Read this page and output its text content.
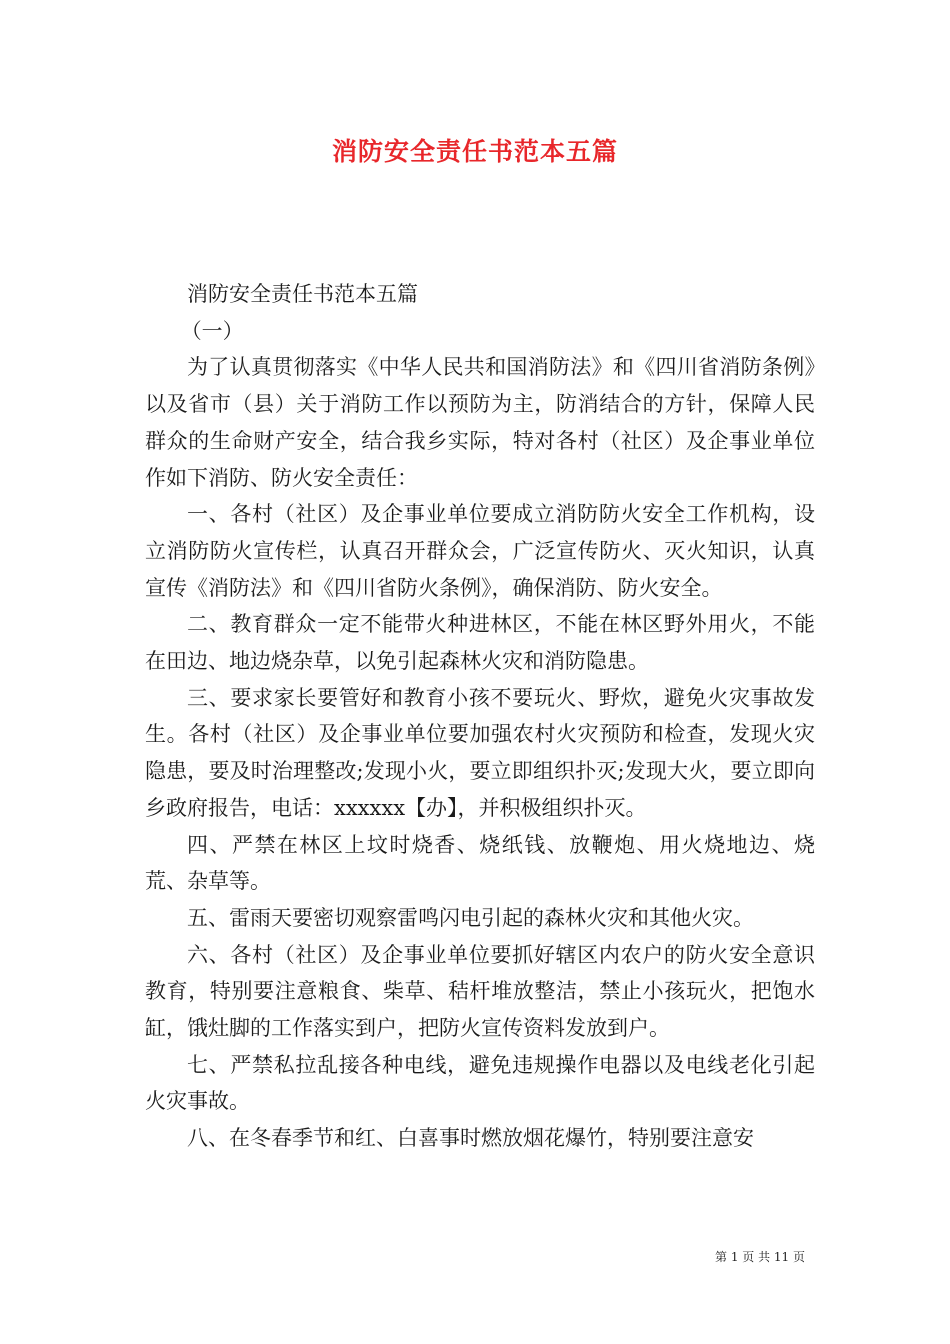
消防安全责任书范本五篇

消防安全责任书范本五篇

（一）

为了认真贯彻落实《中华人民共和国消防法》和《四川省消防条例》以及省市（县）关于消防工作以预防为主，防消结合的方针，保障人民群众的生命财产安全，结合我乡实际，特对各村（社区）及企事业单位作如下消防、防火安全责任：

一、各村（社区）及企事业单位要成立消防防火安全工作机构，设立消防防火宣传栏，认真召开群众会，广泛宣传防火、灭火知识，认真宣传《消防法》和《四川省防火条例》，确保消防、防火安全。

二、教育群众一定不能带火种进林区，不能在林区野外用火，不能在田边、地边烧杂草，以免引起森林火灾和消防隐患。

三、要求家长要管好和教育小孩不要玩火、野炊，避免火灾事故发生。各村（社区）及企事业单位要加强农村火灾预防和检查，发现火灾隐患，要及时治理整改;发现小火，要立即组织扑灭;发现大火，要立即向乡政府报告，电话：xxxxxx【办】，并积极组织扑灭。

四、严禁在林区上坟时烧香、烧纸钱、放鞭炮、用火烧地边、烧荒、杂草等。

五、雷雨天要密切观察雷鸣闪电引起的森林火灾和其他火灾。

六、各村（社区）及企事业单位要抓好辖区内农户的防火安全意识教育，特别要注意粮食、柴草、秸杆堆放整洁，禁止小孩玩火，把饱水缸，饿灶脚的工作落实到户，把防火宣传资料发放到户。

七、严禁私拉乱接各种电线，避免违规操作电器以及电线老化引起火灾事故。

八、在冬春季节和红、白喜事时燃放烟花爆竹，特别要注意安

第 1 页 共 11 页
